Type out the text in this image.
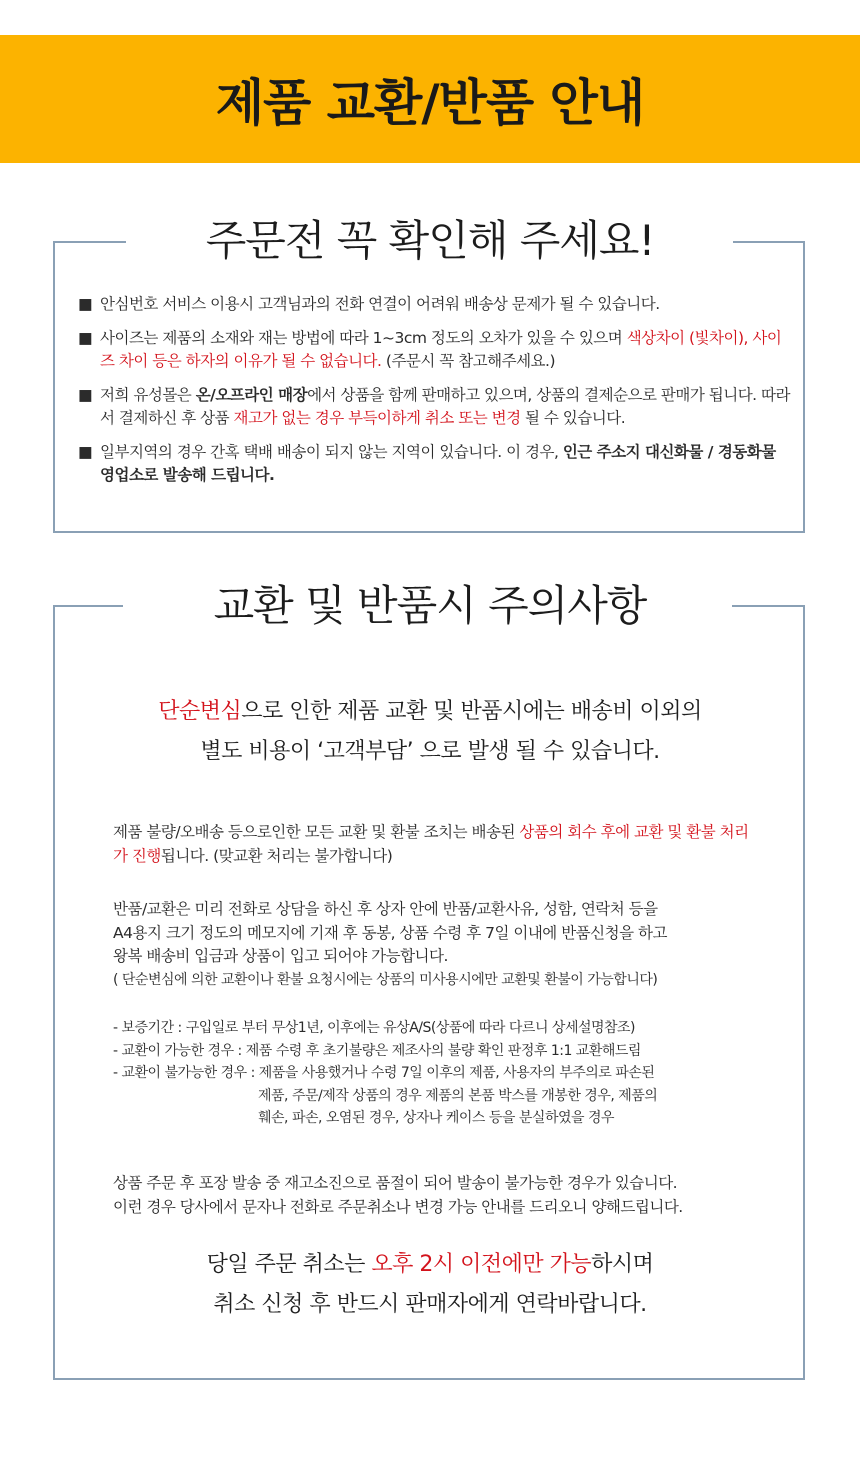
제품 교환/반품 안내
주문전 꼭 확인해 주세요!

■ 안심번호 서비스 이용시 고객님과의 전화 연결이 어려워 배송상 문제가 될 수 있습니다.

■ 사이즈는 제품의 소재와 재는 방법에 따라 1~3cm 정도의 오차가 있을 수 있으며 색상차이 (빛차이), 사이즈 차이 등은 하자의 이유가 될 수 없습니다. (주문시 꼭 참고해주세요.)

■ 저희 유성몰은 온/오프라인 매장에서 상품을 함께 판매하고 있으며, 상품의 결제순으로 판매가 됩니다. 따라서 결제하신 후 상품 재고가 없는 경우 부득이하게 취소 또는 변경 될 수 있습니다.

■ 일부지역의 경우 간혹 택배 배송이 되지 않는 지역이 있습니다. 이 경우, 인근 주소지 대신화물 / 경동화물 영업소로 발송해 드립니다.

교환 및 반품시 주의사항
단순변심으로 인한 제품 교환 및 반품시에는 배송비 이외의
별도 비용이 ‘고객부담’ 으로 발생 될 수 있습니다.
제품 불량/오배송 등으로인한 모든 교환 및 환불 조치는 배송된 상품의 회수 후에 교환 및 환불 처리가 진행됩니다. (맞교환 처리는 불가합니다)
반품/교환은 미리 전화로 상담을 하신 후 상자 안에 반품/교환사유, 성함, 연락처 등을
A4용지 크기 정도의 메모지에 기재 후 동봉, 상품 수령 후 7일 이내에 반품신청을 하고
왕복 배송비 입금과 상품이 입고 되어야 가능합니다.
( 단순변심에 의한 교환이나 환불 요청시에는 상품의 미사용시에만 교환및 환불이 가능합니다)
- 보증기간 : 구입일로 부터 무상1년, 이후에는 유상A/S(상품에 따라 다르니 상세설명참조)
- 교환이 가능한 경우 : 제품 수령 후 초기불량은 제조사의 불량 확인 판정후 1:1 교환해드림
- 교환이 불가능한 경우 : 제품을 사용했거나 수령 7일 이후의 제품, 사용자의 부주의로 파손된
제품, 주문/제작 상품의 경우 제품의 본품 박스를 개봉한 경우, 제품의
훼손, 파손, 오염된 경우, 상자나 케이스 등을 분실하였을 경우
상품 주문 후 포장 발송 중 재고소진으로 품절이 되어 발송이 불가능한 경우가 있습니다.
이런 경우 당사에서 문자나 전화로 주문취소나 변경 가능 안내를 드리오니 양해드립니다.
당일 주문 취소는 오후 2시 이전에만 가능하시며
취소 신청 후 반드시 판매자에게 연락바랍니다.
